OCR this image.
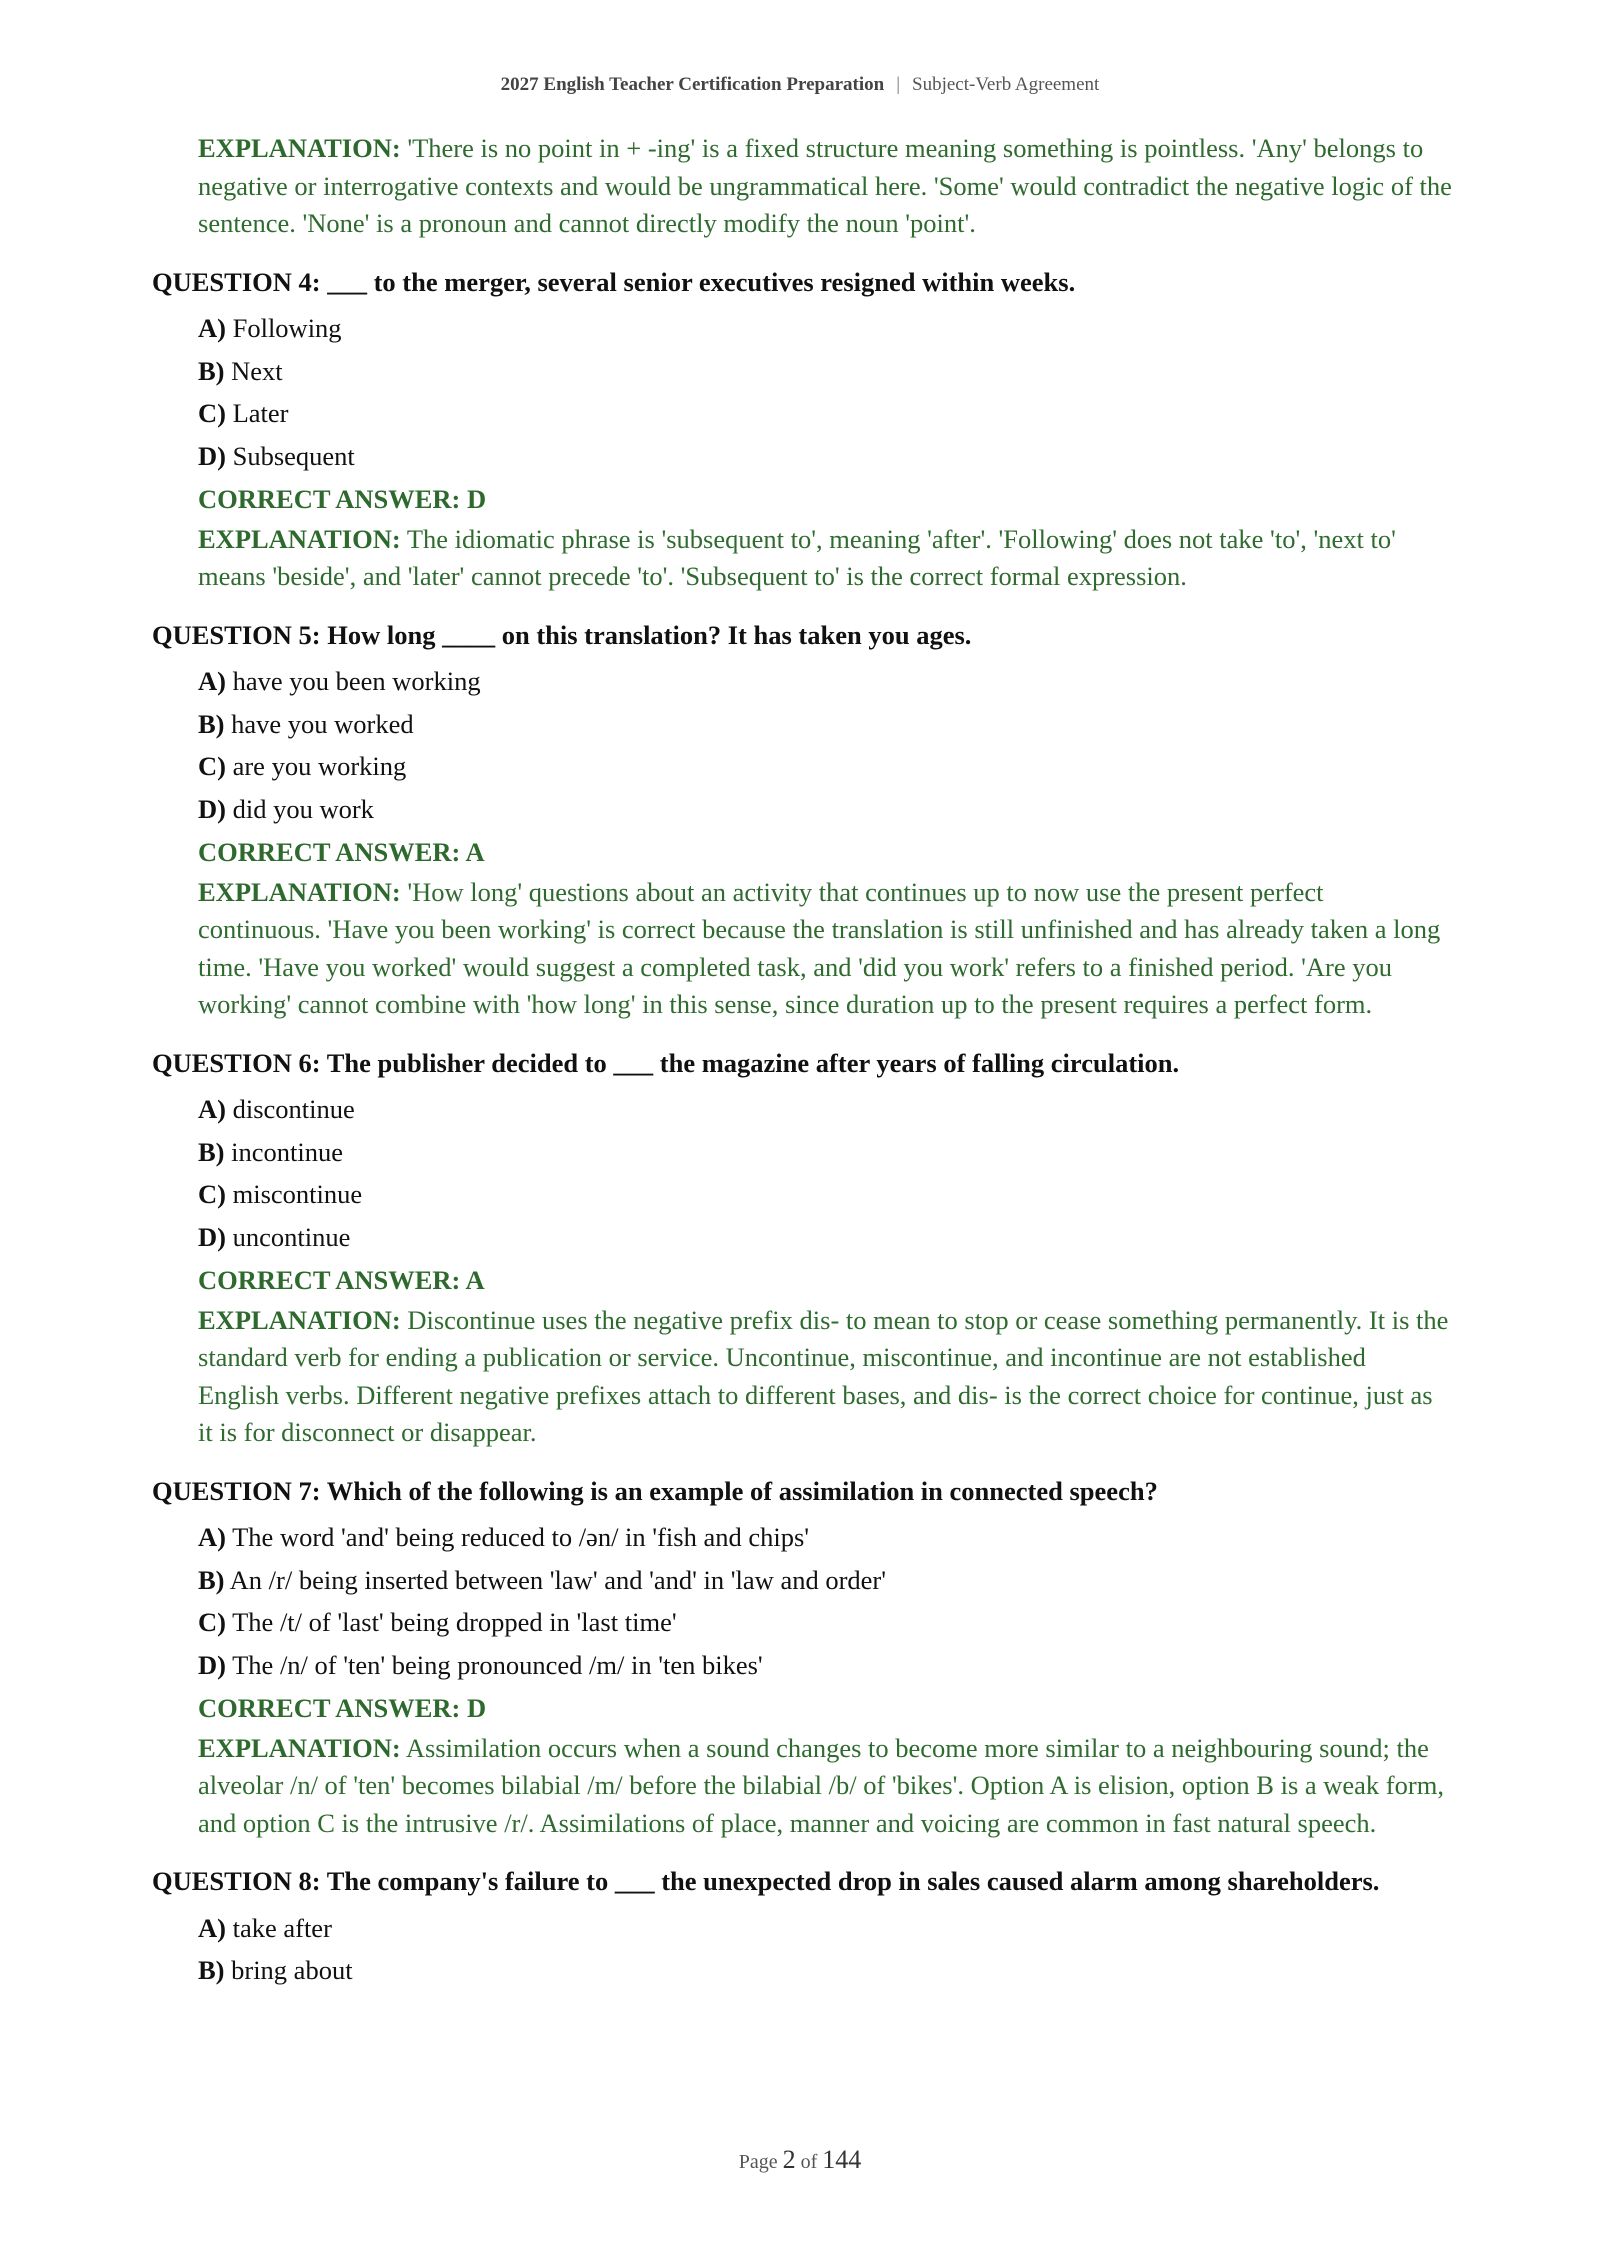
2027 English Teacher Certification Preparation | Subject-Verb Agreement
EXPLANATION: 'There is no point in + -ing' is a fixed structure meaning something is pointless. 'Any' belongs to negative or interrogative contexts and would be ungrammatical here. 'Some' would contradict the negative logic of the sentence. 'None' is a pronoun and cannot directly modify the noun 'point'.
QUESTION 4: ___ to the merger, several senior executives resigned within weeks.
A) Following
B) Next
C) Later
D) Subsequent
CORRECT ANSWER: D
EXPLANATION: The idiomatic phrase is 'subsequent to', meaning 'after'. 'Following' does not take 'to', 'next to' means 'beside', and 'later' cannot precede 'to'. 'Subsequent to' is the correct formal expression.
QUESTION 5: How long ____ on this translation? It has taken you ages.
A) have you been working
B) have you worked
C) are you working
D) did you work
CORRECT ANSWER: A
EXPLANATION: 'How long' questions about an activity that continues up to now use the present perfect continuous. 'Have you been working' is correct because the translation is still unfinished and has already taken a long time. 'Have you worked' would suggest a completed task, and 'did you work' refers to a finished period. 'Are you working' cannot combine with 'how long' in this sense, since duration up to the present requires a perfect form.
QUESTION 6: The publisher decided to ___ the magazine after years of falling circulation.
A) discontinue
B) incontinue
C) miscontinue
D) uncontinue
CORRECT ANSWER: A
EXPLANATION: Discontinue uses the negative prefix dis- to mean to stop or cease something permanently. It is the standard verb for ending a publication or service. Uncontinue, miscontinue, and incontinue are not established English verbs. Different negative prefixes attach to different bases, and dis- is the correct choice for continue, just as it is for disconnect or disappear.
QUESTION 7: Which of the following is an example of assimilation in connected speech?
A) The word 'and' being reduced to /ən/ in 'fish and chips'
B) An /r/ being inserted between 'law' and 'and' in 'law and order'
C) The /t/ of 'last' being dropped in 'last time'
D) The /n/ of 'ten' being pronounced /m/ in 'ten bikes'
CORRECT ANSWER: D
EXPLANATION: Assimilation occurs when a sound changes to become more similar to a neighbouring sound; the alveolar /n/ of 'ten' becomes bilabial /m/ before the bilabial /b/ of 'bikes'. Option A is elision, option B is a weak form, and option C is the intrusive /r/. Assimilations of place, manner and voicing are common in fast natural speech.
QUESTION 8: The company's failure to ___ the unexpected drop in sales caused alarm among shareholders.
A) take after
B) bring about
Page 2 of 144
